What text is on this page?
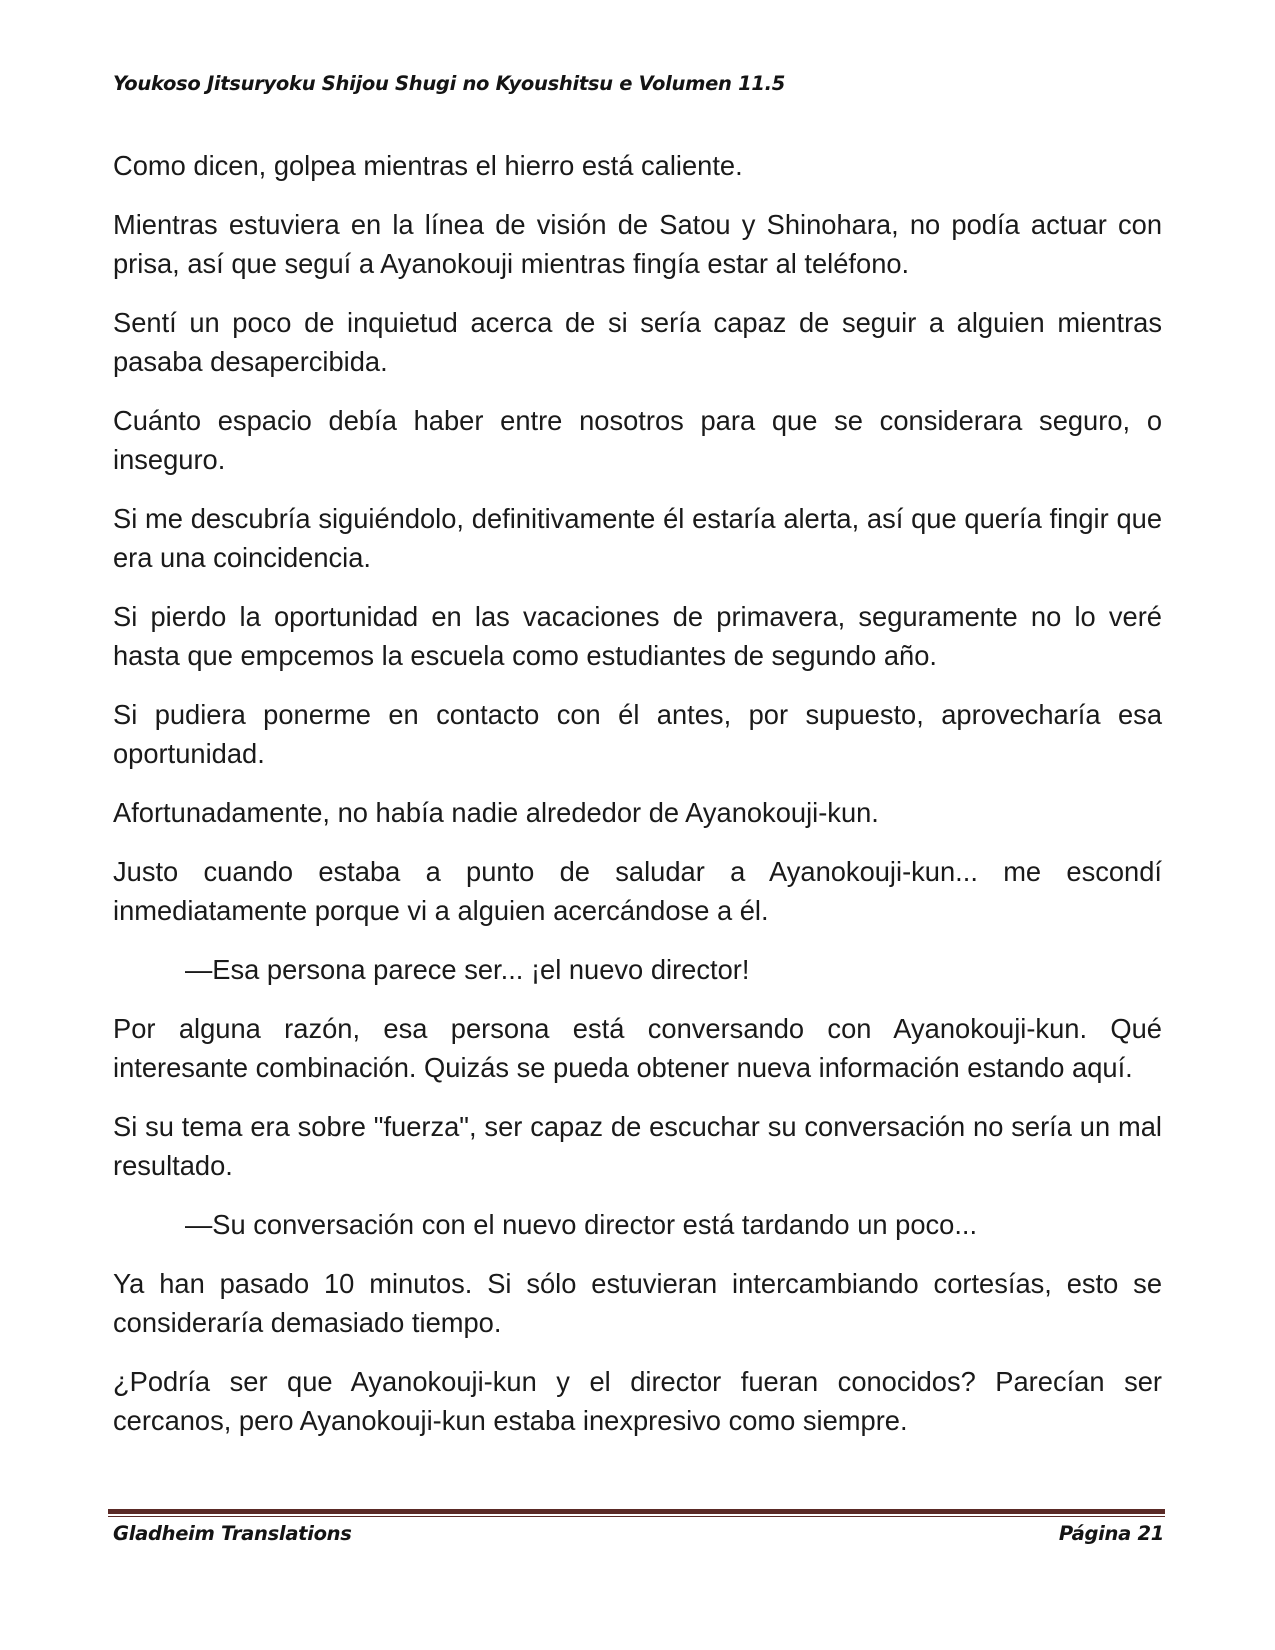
Youkoso Jitsuryoku Shijou Shugi no Kyoushitsu e Volumen 11.5

Como dicen, golpea mientras el hierro está caliente.

Mientras estuviera en la línea de visión de Satou y Shinohara, no podía actuar con prisa, así que seguí a Ayanokouji mientras fingía estar al teléfono.

Sentí un poco de inquietud acerca de si sería capaz de seguir a alguien mientras pasaba desapercibida.

Cuánto espacio debía haber entre nosotros para que se considerara seguro, o inseguro.

Si me descubría siguiéndolo, definitivamente él estaría alerta, así que quería fingir que era una coincidencia.

Si pierdo la oportunidad en las vacaciones de primavera, seguramente no lo veré hasta que empcemos la escuela como estudiantes de segundo año.

Si pudiera ponerme en contacto con él antes, por supuesto, aprovecharía esa oportunidad.

Afortunadamente, no había nadie alrededor de Ayanokouji-kun.

Justo cuando estaba a punto de saludar a Ayanokouji-kun... me escondí inmediatamente porque vi a alguien acercándose a él.

—Esa persona parece ser... ¡el nuevo director!

Por alguna razón, esa persona está conversando con Ayanokouji-kun. Qué interesante combinación. Quizás se pueda obtener nueva información estando aquí.

Si su tema era sobre "fuerza", ser capaz de escuchar su conversación no sería un mal resultado.

—Su conversación con el nuevo director está tardando un poco...

Ya han pasado 10 minutos. Si sólo estuvieran intercambiando cortesías, esto se consideraría demasiado tiempo.

¿Podría ser que Ayanokouji-kun y el director fueran conocidos? Parecían ser cercanos, pero Ayanokouji-kun estaba inexpresivo como siempre.

Gladheim Translations	Página 21
